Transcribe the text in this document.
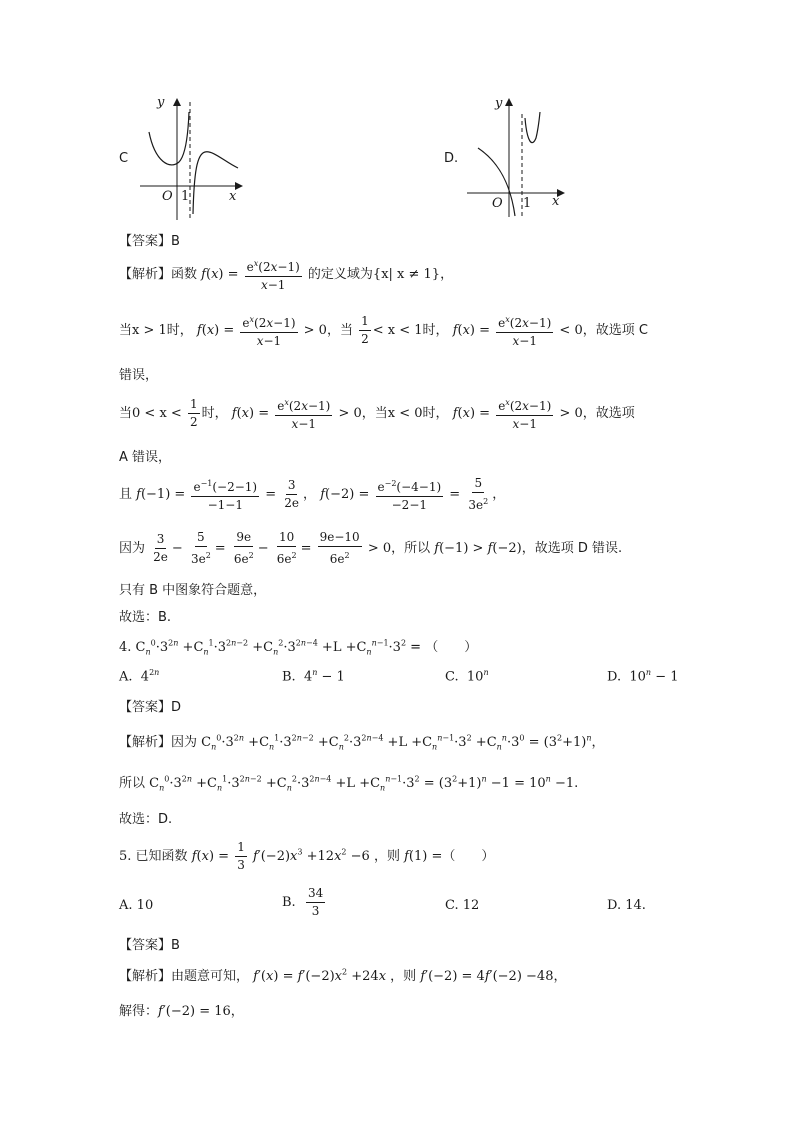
C
y
x
O 1
D.
y
x
O 1
【答案】B
【解析】函数 $f(x) = \frac{e^x(2x-1)}{x-1}$ 的定义域为{x| x ≠ 1}，
当x > 1时， $f(x) = \frac{e^x(2x-1)}{x-1} > 0$，当 $\frac{1}{2} < x < 1$时， $f(x) = \frac{e^x(2x-1)}{x-1} < 0$，故选项 C
错误，
当$0 < x < \frac{1}{2}$ 时， $f(x) = \frac{e^x(2x-1)}{x-1} > 0$，当x < 0时， $f(x) = \frac{e^x(2x-1)}{x-1} > 0$，故选项
A 错误，
且 $f(-1) = \frac{e^{-1}(-2-1)}{-1-1} = \frac{3}{2e}$ ， $f(-2) = \frac{e^{-2}(-4-1)}{-2-1} = \frac{5}{3e^2}$ ，
因为 $\frac{3}{2e} - \frac{5}{3e^2} = \frac{9e}{6e^2} - \frac{10}{6e^2} = \frac{9e-10}{6e^2} > 0$，所以 f(−1) > f(−2)，故选项 D 错误.
只有 B 中图象符合题意，
故选：B.
4. $C_n^0\cdot 3^{2n} +C_n^1\cdot 3^{2n-2} +C_n^2\cdot 3^{2n-4} +L +C_n^{n-1}\cdot 3^2$ = （　　）
A. $4^{2n}$	B. $4^n - 1$	C. 10$^n$	D. $10^n - 1$
【答案】D
【解析】因为 $C_n^0\cdot 3^{2n} +C_n^1\cdot 3^{2n-2} +C_n^2\cdot 3^{2n-4} +L +C_n^{n-1}\cdot 3^2 +C_n^n\cdot 3^0 = (3^2+1)^n$，
所以 $C_n^0\cdot 3^{2n} +C_n^1\cdot 3^{2n-2} +C_n^2\cdot 3^{2n-4} +L +C_n^{n-1}\cdot 3^2 = (3^2+1)^n -1 = 10^n -1$.
故选：D.
5. 已知函数 $f(x) = \frac{1}{3} f'(-2)x^3 +12x^2 -6$ ，则 f(1) =（　　）
A. 10	B. $\frac{34}{3}$	C. 12	D. 14.
【答案】B
【解析】由题意可知， $f'(x) = f'(-2)x^2 +24x$ ，则 f′(−2) = 4f′(−2) −48，
解得：f′(−2) = 16，
